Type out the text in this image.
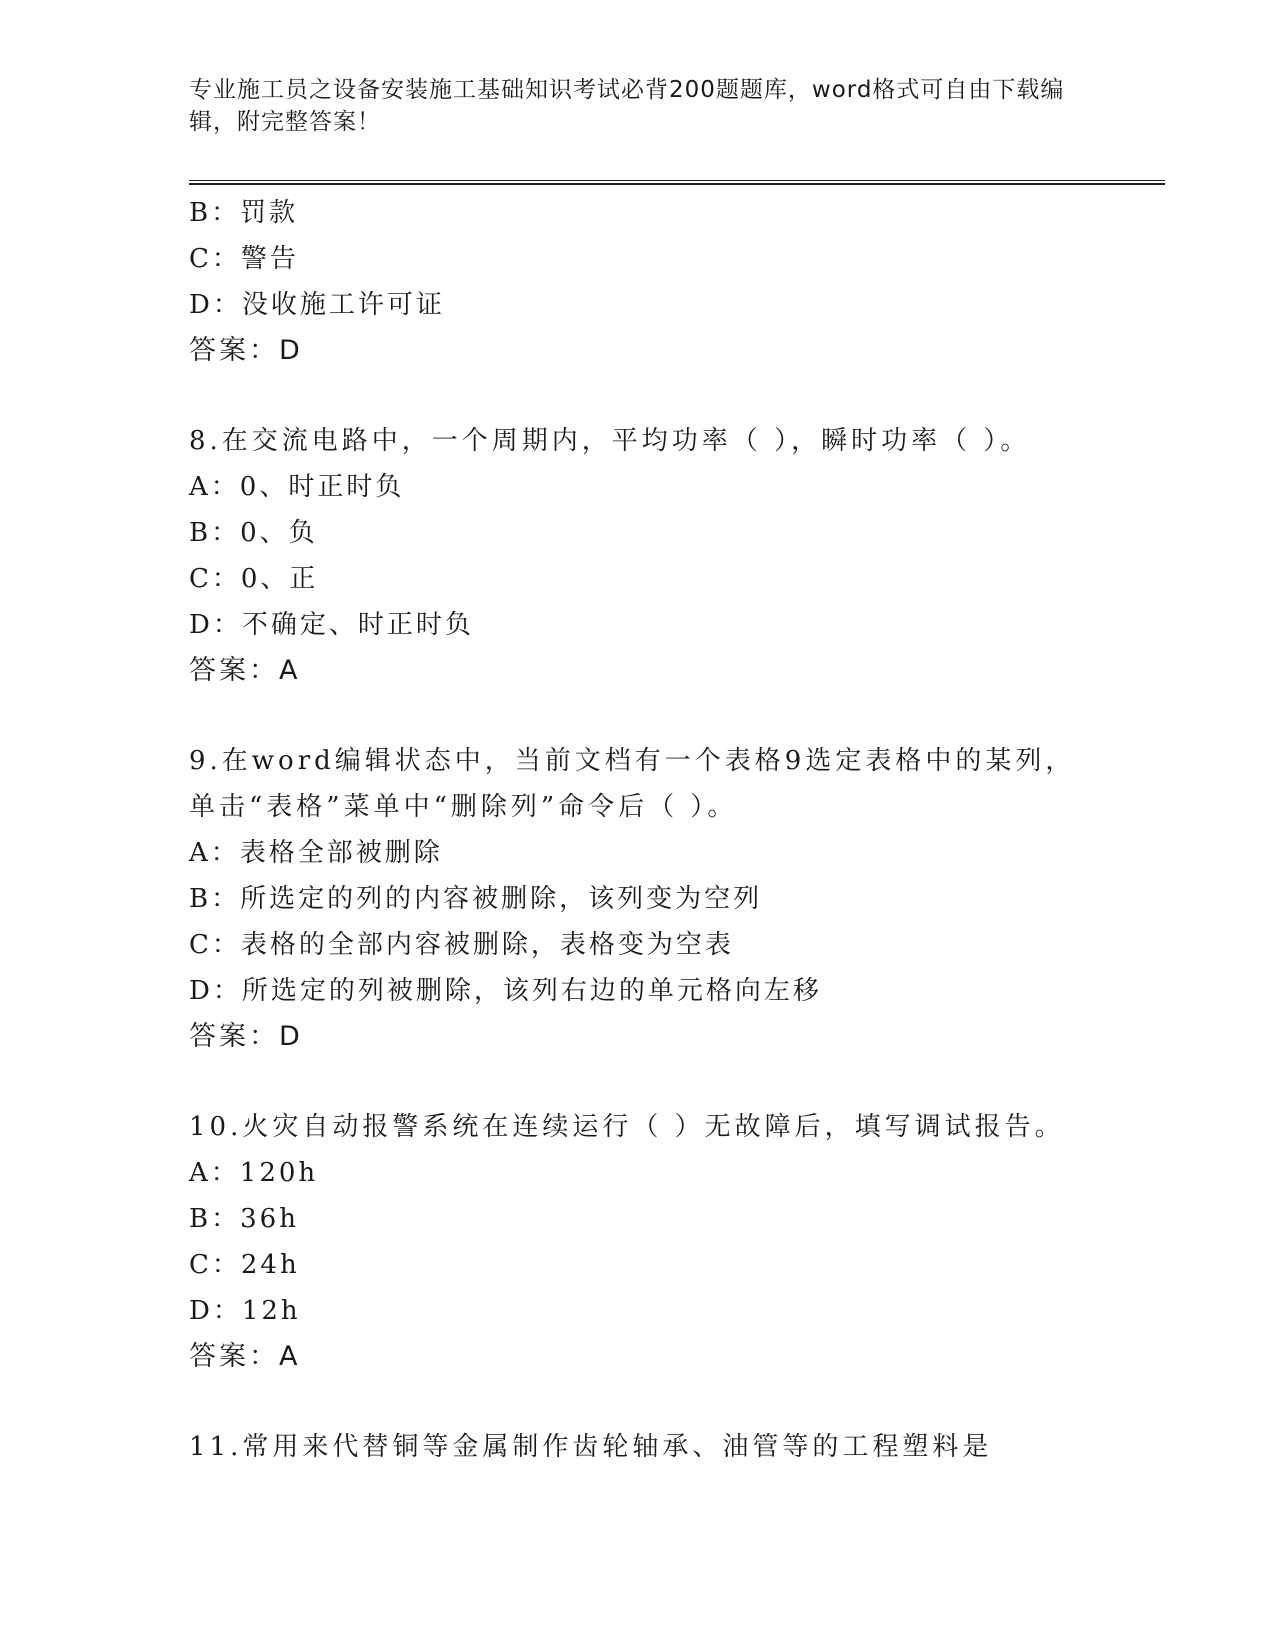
专业施工员之设备安装施工基础知识考试必背200题题库，word格式可自由下载编辑，附完整答案！
B：罚款
C：警告
D：没收施工许可证
答案：D
8.在交流电路中，一个周期内，平均功率（ ），瞬时功率（ ）。
A：0、时正时负
B：0、负
C：0、正
D：不确定、时正时负
答案：A
9.在word编辑状态中，当前文档有一个表格9选定表格中的某列，单击“表格”菜单中“删除列”命令后（ ）。
A：表格全部被删除
B：所选定的列的内容被删除，该列变为空列
C：表格的全部内容被删除，表格变为空表
D：所选定的列被删除，该列右边的单元格向左移
答案：D
10.火灾自动报警系统在连续运行（ ）无故障后，填写调试报告。
A：120h
B：36h
C：24h
D：12h
答案：A
11.常用来代替铜等金属制作齿轮轴承、油管等的工程塑料是
